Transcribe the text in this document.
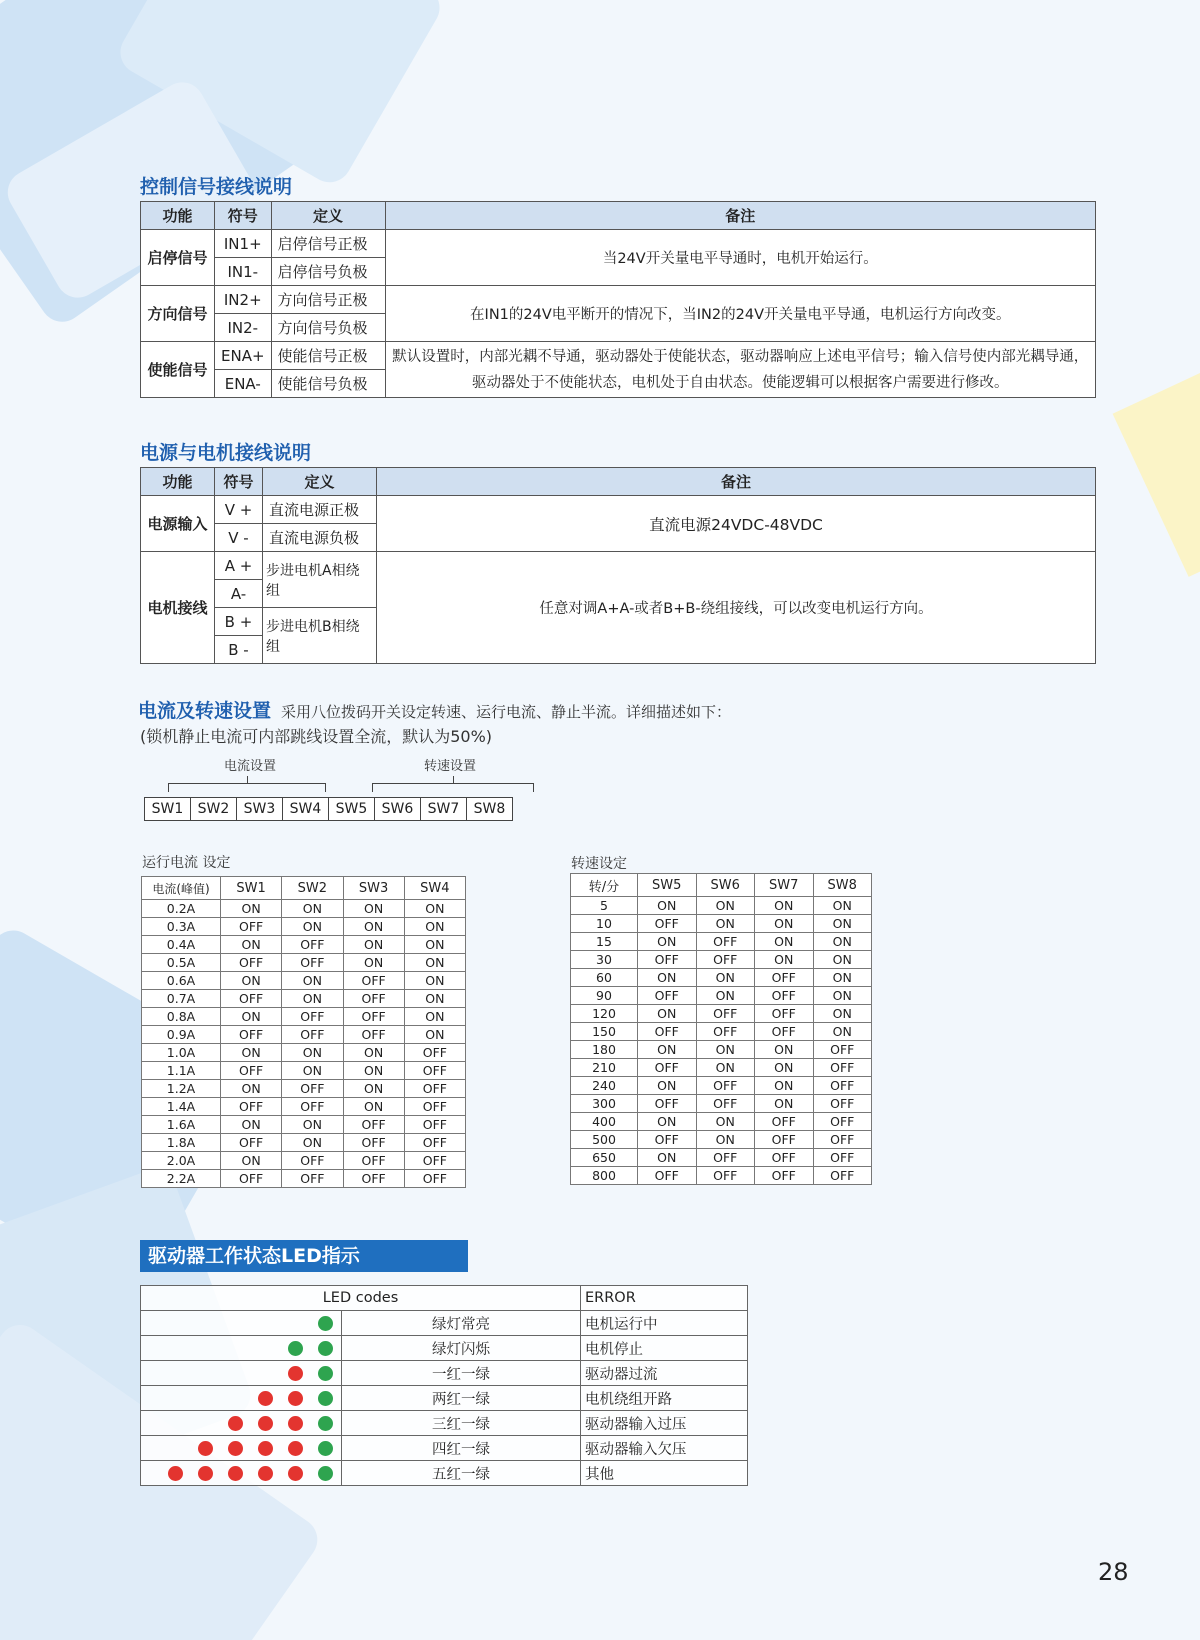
控制信号接线说明
功能	符号	定义	备注
启停信号	IN1+	启停信号正极	当24V开关量电平导通时，电机开始运行。
	IN1-	启停信号负极	
方向信号	IN2+	方向信号正极	在IN1的24V电平断开的情况下，当IN2的24V开关量电平导通，电机运行方向改变。
	IN2-	方向信号负极	
使能信号	ENA+	使能信号正极	默认设置时，内部光耦不导通，驱动器处于使能状态，驱动器响应上述电平信号；输入信号使内部光耦导通，驱动器处于不使能状态，电机处于自由状态。使能逻辑可以根据客户需要进行修改。
	ENA-	使能信号负极	
电源与电机接线说明
功能	符号	定义	备注
电源输入	V +	直流电源正极	直流电源24VDC-48VDC
	V -	直流电源负极	
电机接线	A +	步进电机A相绕组	任意对调A+A-或者B+B-绕组接线，可以改变电机运行方向。
	A-		
	B +	步进电机B相绕组	
	B -		
电流及转速设置 采用八位拨码开关设定转速、运行电流、静止半流。详细描述如下：
(锁机静止电流可内部跳线设置全流，默认为50%)
电流设置	转速设置
SW1	SW2	SW3	SW4	SW5	SW6	SW7	SW8
运行电流 设定
电流(峰值)	SW1	SW2	SW3	SW4
0.2A	ON	ON	ON	ON
0.3A	OFF	ON	ON	ON
0.4A	ON	OFF	ON	ON
0.5A	OFF	OFF	ON	ON
0.6A	ON	ON	OFF	ON
0.7A	OFF	ON	OFF	ON
0.8A	ON	OFF	OFF	ON
0.9A	OFF	OFF	OFF	ON
1.0A	ON	ON	ON	OFF
1.1A	OFF	ON	ON	OFF
1.2A	ON	OFF	ON	OFF
1.4A	OFF	OFF	ON	OFF
1.6A	ON	ON	OFF	OFF
1.8A	OFF	ON	OFF	OFF
2.0A	ON	OFF	OFF	OFF
2.2A	OFF	OFF	OFF	OFF
转速设定
转/分	SW5	SW6	SW7	SW8
5	ON	ON	ON	ON
10	OFF	ON	ON	ON
15	ON	OFF	ON	ON
30	OFF	OFF	ON	ON
60	ON	ON	OFF	ON
90	OFF	ON	OFF	ON
120	ON	OFF	OFF	ON
150	OFF	OFF	OFF	ON
180	ON	ON	ON	OFF
210	OFF	ON	ON	OFF
240	ON	OFF	ON	OFF
300	OFF	OFF	ON	OFF
400	ON	ON	OFF	OFF
500	OFF	ON	OFF	OFF
650	ON	OFF	OFF	OFF
800	OFF	OFF	OFF	OFF
驱动器工作状态LED指示
LED codes		ERROR
	绿灯常亮	电机运行中
	绿灯闪烁	电机停止
	一红一绿	驱动器过流
	两红一绿	电机绕组开路
	三红一绿	驱动器输入过压
	四红一绿	驱动器输入欠压
	五红一绿	其他
28
